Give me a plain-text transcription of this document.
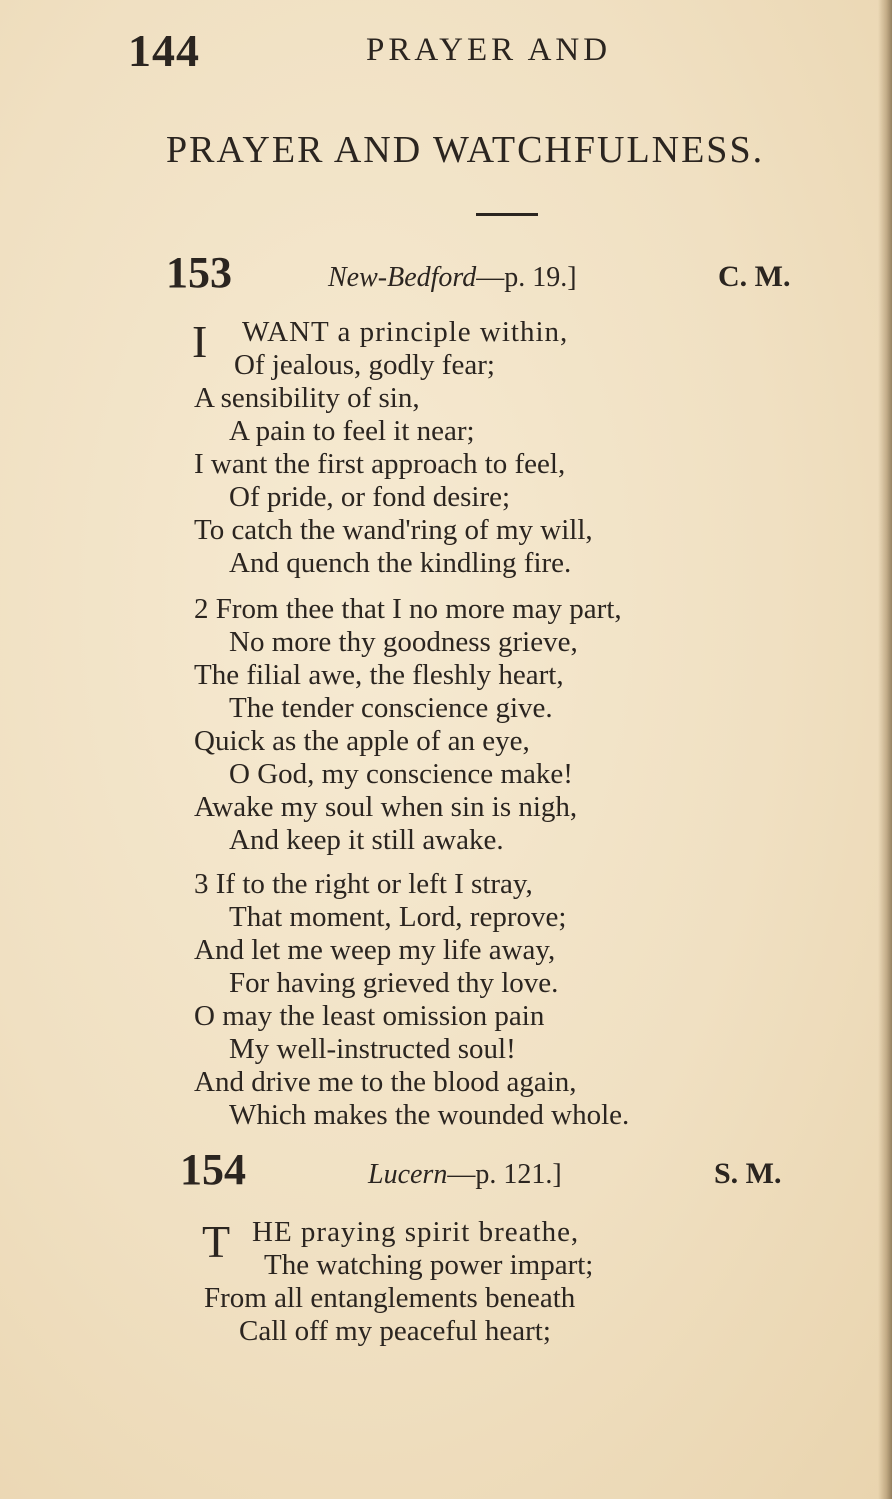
144	PRAYER AND
PRAYER AND WATCHFULNESS.
153	New-Bedford—p. 19.]	C. M.
I	WANT a principle within,
Of jealous, godly fear;
A sensibility of sin,
A pain to feel it near;
I want the first approach to feel,
Of pride, or fond desire;
To catch the wand'ring of my will,
And quench the kindling fire.
2 From thee that I no more may part,
No more thy goodness grieve,
The filial awe, the fleshly heart,
The tender conscience give.
Quick as the apple of an eye,
O God, my conscience make!
Awake my soul when sin is nigh,
And keep it still awake.
3 If to the right or left I stray,
That moment, Lord, reprove;
And let me weep my life away,
For having grieved thy love.
O may the least omission pain
My well-instructed soul!
And drive me to the blood again,
Which makes the wounded whole.
154	Lucern—p. 121.]	S. M.
T HE praying spirit breathe,
The watching power impart;
From all entanglements beneath
Call off my peaceful heart;
